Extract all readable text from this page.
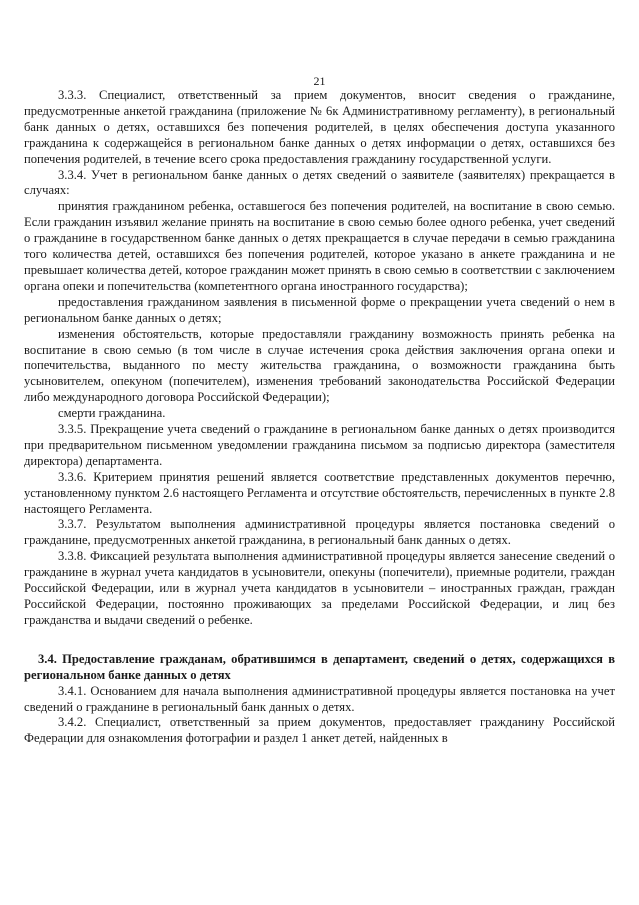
21

3.3.3. Специалист, ответственный за прием документов, вносит сведения о гражданине, предусмотренные анкетой гражданина (приложение № 6к Административному регламенту), в региональный банк данных о детях, оставшихся без попечения родителей, в целях обеспечения доступа указанного гражданина к содержащейся в региональном банке данных о детях информации о детях, оставшихся без попечения родителей, в течение всего срока предоставления гражданину государственной услуги.

3.3.4. Учет в региональном банке данных о детях сведений о заявителе (заявителях) прекращается в случаях:

принятия гражданином ребенка, оставшегося без попечения родителей, на воспитание в свою семью. Если гражданин изъявил желание принять на воспитание в свою семью более одного ребенка, учет сведений о гражданине в государственном банке данных о детях прекращается в случае передачи в семью гражданина того количества детей, оставшихся без попечения родителей, которое указано в анкете гражданина и не превышает количества детей, которое гражданин может принять в свою семью в соответствии с заключением органа опеки и попечительства (компетентного органа иностранного государства);

предоставления гражданином заявления в письменной форме о прекращении учета сведений о нем в региональном банке данных о детях;

изменения обстоятельств, которые предоставляли гражданину возможность принять ребенка на воспитание в свою семью (в том числе в случае истечения срока действия заключения органа опеки и попечительства, выданного по месту жительства гражданина, о возможности гражданина быть усыновителем, опекуном (попечителем), изменения требований законодательства Российской Федерации либо международного договора Российской Федерации);

смерти гражданина.

3.3.5. Прекращение учета сведений о гражданине в региональном банке данных о детях производится при предварительном письменном уведомлении гражданина письмом за подписью директора (заместителя директора) департамента.

3.3.6. Критерием принятия решений является соответствие представленных документов перечню, установленному пунктом 2.6 настоящего Регламента и отсутствие обстоятельств, перечисленных в пункте 2.8 настоящего Регламента.

3.3.7. Результатом выполнения административной процедуры является постановка сведений о гражданине, предусмотренных анкетой гражданина, в региональный банк данных о детях.

3.3.8. Фиксацией результата выполнения административной процедуры является занесение сведений о гражданине в журнал учета кандидатов в усыновители, опекуны (попечители), приемные родители, граждан Российской Федерации, или в журнал учета кандидатов в усыновители – иностранных граждан, граждан Российской Федерации, постоянно проживающих за пределами Российской Федерации, и лиц без гражданства и выдачи сведений о ребенке.

3.4. Предоставление гражданам, обратившимся в департамент, сведений о детях, содержащихся в региональном банке данных о детях

3.4.1. Основанием для начала выполнения административной процедуры является постановка на учет сведений о гражданине в региональный банк данных о детях.

3.4.2. Специалист, ответственный за прием документов, предоставляет гражданину Российской Федерации для ознакомления фотографии и раздел 1 анкет детей, найденных в
